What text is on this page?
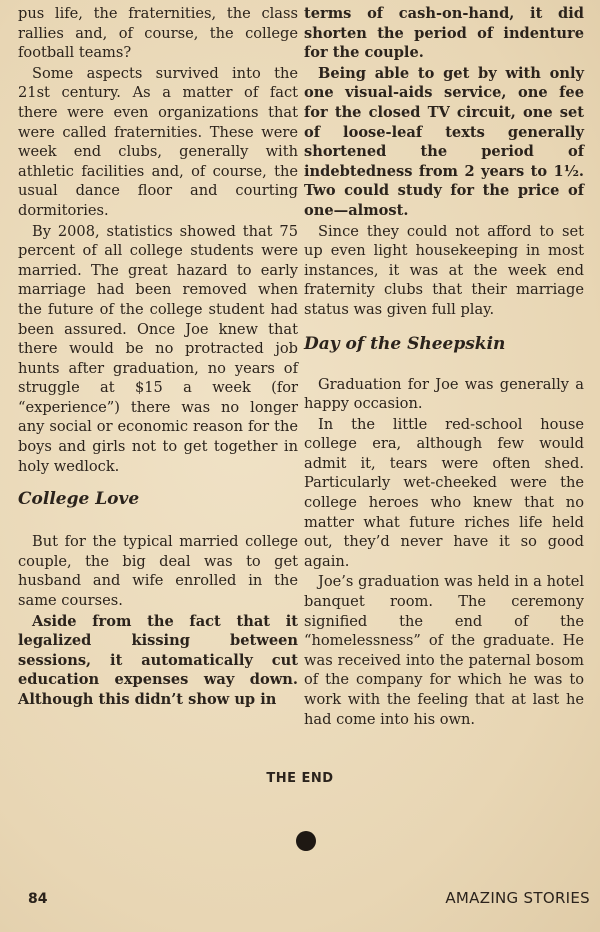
pus life, the fraternities, the class rallies and, of course, the college football teams?

Some aspects survived into the 21st century. As a matter of fact there were even organizations that were called fraternities. These were week end clubs, generally with athletic facilities and, of course, the usual dance floor and courting dormitories.

By 2008, statistics showed that 75 percent of all college students were married. The great hazard to early marriage had been removed when the future of the college student had been assured. Once Joe knew that there would be no protracted job hunts after graduation, no years of struggle at $15 a week (for “experience”) there was no longer any social or economic reason for the boys and girls not to get together in holy wedlock.

College Love

But for the typical married college couple, the big deal was to get husband and wife enrolled in the same courses.

Aside from the fact that it legalized kissing between sessions, it automatically cut education expenses way down. Although this didn’t show up in

terms of cash-on-hand, it did shorten the period of indenture for the couple.

Being able to get by with only one visual-aids service, one fee for the closed TV circuit, one set of loose-leaf texts generally shortened the period of indebtedness from 2 years to 1½. Two could study for the price of one—almost.

Since they could not afford to set up even light housekeeping in most instances, it was at the week end fraternity clubs that their marriage status was given full play.

Day of the Sheepskin

Graduation for Joe was generally a happy occasion.

In the little red-school house college era, although few would admit it, tears were often shed. Particularly wet-cheeked were the college heroes who knew that no matter what future riches life held out, they’d never have it so good again.

Joe’s graduation was held in a hotel banquet room. The ceremony signified the end of the “homelessness” of the graduate. He was received into the paternal bosom of the company for which he was to work with the feeling that at last he had come into his own.

THE END
84	AMAZING STORIES
